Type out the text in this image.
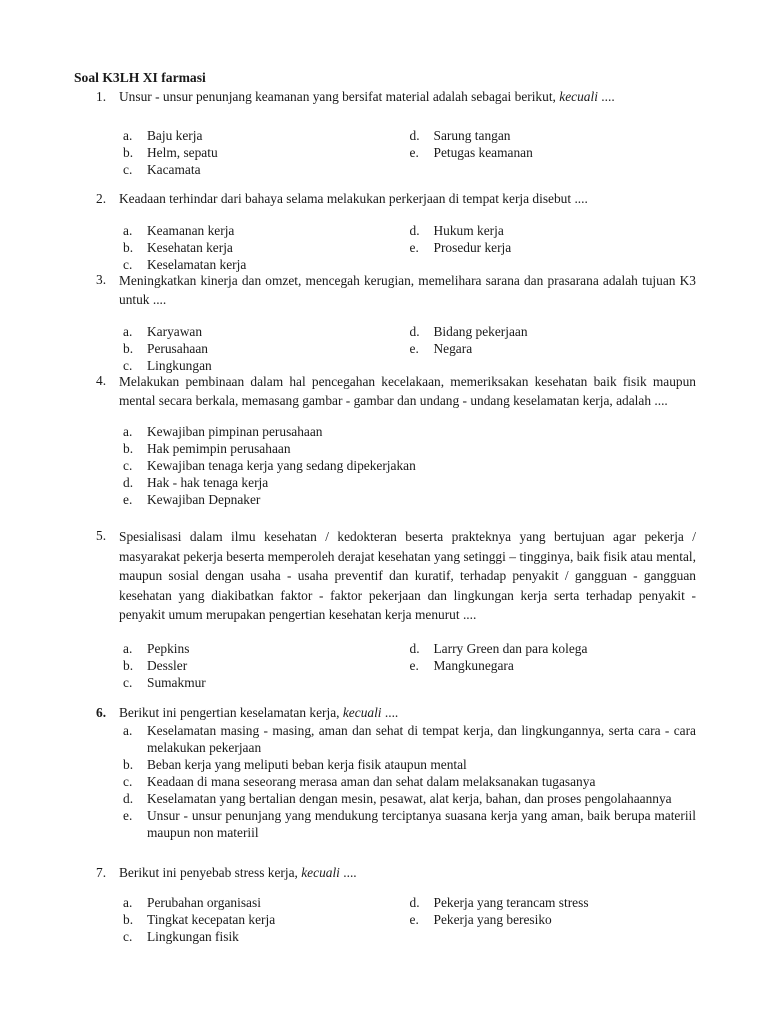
Soal K3LH XI farmasi
1. Unsur - unsur penunjang keamanan yang bersifat material adalah sebagai berikut, kecuali ....
a.	Baju kerja	d.	Sarung tangan
b.	Helm, sepatu	e.	Petugas keamanan
c.	Kacamata
2. Keadaan terhindar dari bahaya selama melakukan perkerjaan di tempat kerja disebut ....
a.	Keamanan kerja	d.	Hukum kerja
b.	Kesehatan kerja	e.	Prosedur kerja
c.	Keselamatan kerja
3. Meningkatkan kinerja dan omzet, mencegah kerugian, memelihara sarana dan prasarana adalah tujuan K3 untuk ....
a.	Karyawan	d.	Bidang pekerjaan
b.	Perusahaan	e.	Negara
c.	Lingkungan
4. Melakukan pembinaan dalam hal pencegahan kecelakaan, memeriksakan kesehatan baik fisik maupun mental secara berkala, memasang gambar - gambar dan undang - undang keselamatan kerja, adalah ....
a.	Kewajiban pimpinan perusahaan
b.	Hak pemimpin perusahaan
c.	Kewajiban tenaga kerja yang sedang dipekerjakan
d.	Hak - hak tenaga kerja
e.	Kewajiban Depnaker
5. Spesialisasi dalam ilmu kesehatan / kedokteran beserta prakteknya yang bertujuan agar pekerja / masyarakat pekerja beserta memperoleh derajat kesehatan yang setinggi – tingginya, baik fisik atau mental, maupun sosial dengan usaha - usaha preventif dan kuratif, terhadap penyakit / gangguan - gangguan kesehatan yang diakibatkan faktor - faktor pekerjaan dan lingkungan kerja serta terhadap penyakit - penyakit umum merupakan pengertian kesehatan kerja menurut ....
a.	Pepkins	d.	Larry Green dan para kolega
b.	Dessler	e.	Mangkunegara
c.	Sumakmur
6. Berikut ini pengertian keselamatan kerja, kecuali ....
a.	Keselamatan masing - masing, aman dan sehat di tempat kerja, dan lingkungannya, serta cara - cara melakukan pekerjaan
b.	Beban kerja yang meliputi beban kerja fisik ataupun mental
c.	Keadaan di mana seseorang merasa aman dan sehat dalam melaksanakan tugasanya
d.	Keselamatan yang bertalian dengan mesin, pesawat, alat kerja, bahan, dan proses pengolahaannya
e.	Unsur - unsur penunjang yang mendukung terciptanya suasana kerja yang aman, baik berupa materiil maupun non materiil
7. Berikut ini penyebab stress kerja, kecuali ....
a.	Perubahan organisasi	d.	Pekerja yang terancam stress
b.	Tingkat kecepatan kerja	e.	Pekerja yang beresiko
c.	Lingkungan fisik
